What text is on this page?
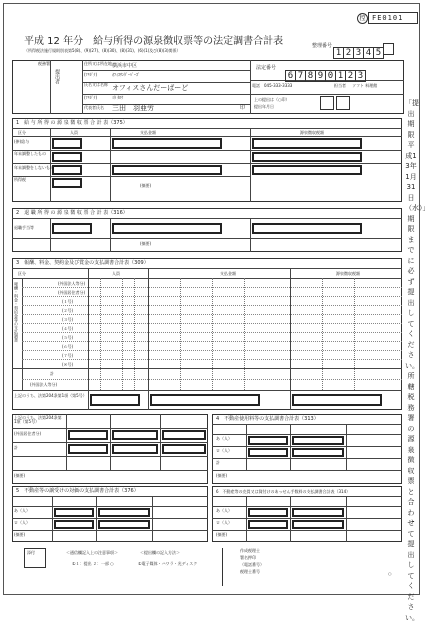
控 FE0101
平成 12 年分　給与所得の源泉徴収票等の法定調書合計表
（所得税法施行規則別表第5(8)、(9)(27)、(8)(30)、(8)(31)、(6)(1)及び(8)(3)関係）
整理番号
1 2 3 4 5
税務署
提出者
住所又は所在地 横浜市中区
(ﾌﾘｶﾞﾅ)	ｵﾌｨｽｻﾝﾀﾞｰﾊﾞｰｽﾞ
氏名又は名称 オフィスさんだーばーど
(ﾌﾘｶﾞﾅ)	ﾐﾀ ﾀﾛｳ
代表者氏名 三田　羽亜労	印
法定番号
6 7 8 9 0 1 2 3
電話 045-333-3333	担当者 ソフト 料理館
上の提出は（○印）
提出年月日	「提出期限 平成13年1月31日（水）」期限までに必ず提出してください。所轄税務署の源泉徴収票と合わせて提出してください。
1　給 与 所 得 の 源 泉 徴 収 票 合 計 表（375）
区分	人員	支払金額	源泉徴収税額
(俸)給与
年末調整したもの
年末調整をしないもの
所得税
(摘要)
2　退 職 所 得 の 源 泉 徴 収 票 合 計 表（316）
退職手当等
(摘要)
3　報酬、料金、契約金及び賞金の支払調書合計表（309）
区分	人員	支払金額	源泉徴収税額
報酬・料金・契約金等の支払調書	(外国法人等分)
(外国居住者分)
(１号)
(２号)
(３号)
(４号)
(５号)
(６号)
(７号)
(８号)
計
(外国法人等分)
上記のうち、法第204条第1項（第5号）
上記のうち、法第204条第1項（第5号）
(外国居住者分)
計
(摘要)
4　不動産使用料等の支払調書合計表（313）
あ（人）
ロ（人）
計
(摘要)
5　不動産等の譲受けの対価の支払調書合計表（376）
あ（人）
ロ（人）
(摘要)
6　不動産等の売買又は貸付けのあっせん手数料の支払調書合計表（314）
あ（人）
ロ（人）
(摘要)
添付	＜通信欄記入上の注意事項＞	＜提出欄の記入方法＞
①１：提出 ２：一部 ○	①電子媒体・ハワラ・光ディスク
作成税理士
署名押印
（電話番号）
税理士番号	○
